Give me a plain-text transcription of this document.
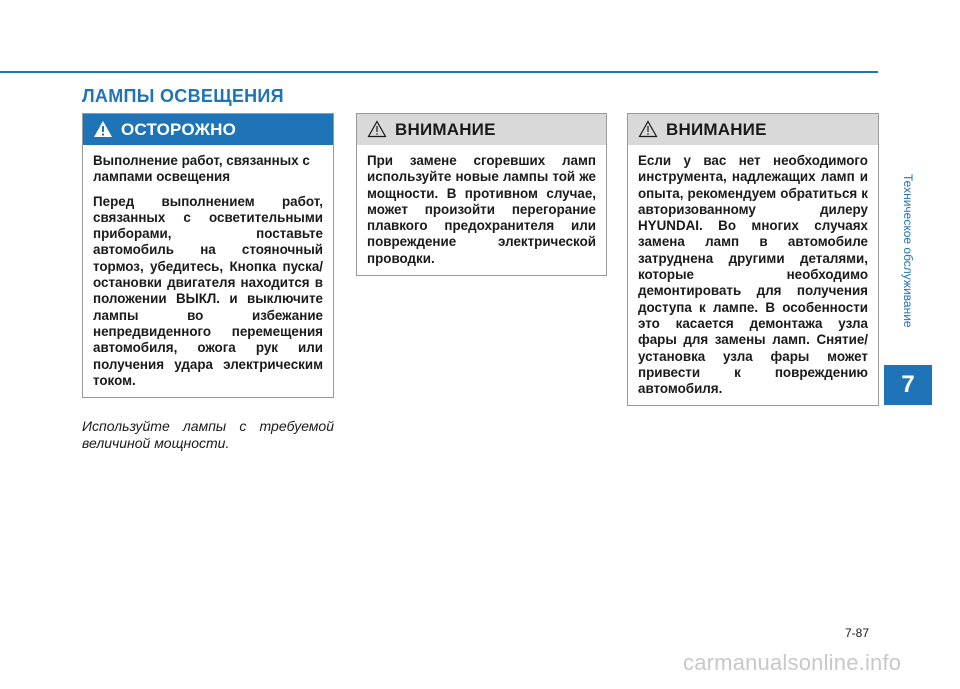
ЛАМПЫ ОСВЕЩЕНИЯ
Техническое обслуживание
7
ОСТОРОЖНО

Выполнение работ, связанных с лампами освещения

Перед выполнением работ, связанных с осветительными приборами, поставьте автомобиль на стояночный тормоз, убедитесь, Кнопка пуска/остановки двигателя находится в положении ВЫКЛ. и выключите лампы во избежание непредвиденного перемещения автомобиля, ожога рук или получения удара электрическим током.

Используйте лампы с требуемой величиной мощности.
ВНИМАНИЕ

При замене сгоревших ламп используйте новые лампы той же мощности. В противном случае, может произойти перегорание плавкого предохранителя или повреждение электрической проводки.

ВНИМАНИЕ

Если у вас нет необходимого инструмента, надлежащих ламп и опыта, рекомендуем обратиться к авторизованному дилеру HYUNDAI. Во многих случаях замена ламп в автомобиле затруднена другими деталями, которые необходимо демонтировать для получения доступа к лампе. В особенности это касается демонтажа узла фары для замены ламп. Снятие/установка узла фары может привести к повреждению автомобиля.

7-87
carmanualsonline.info
